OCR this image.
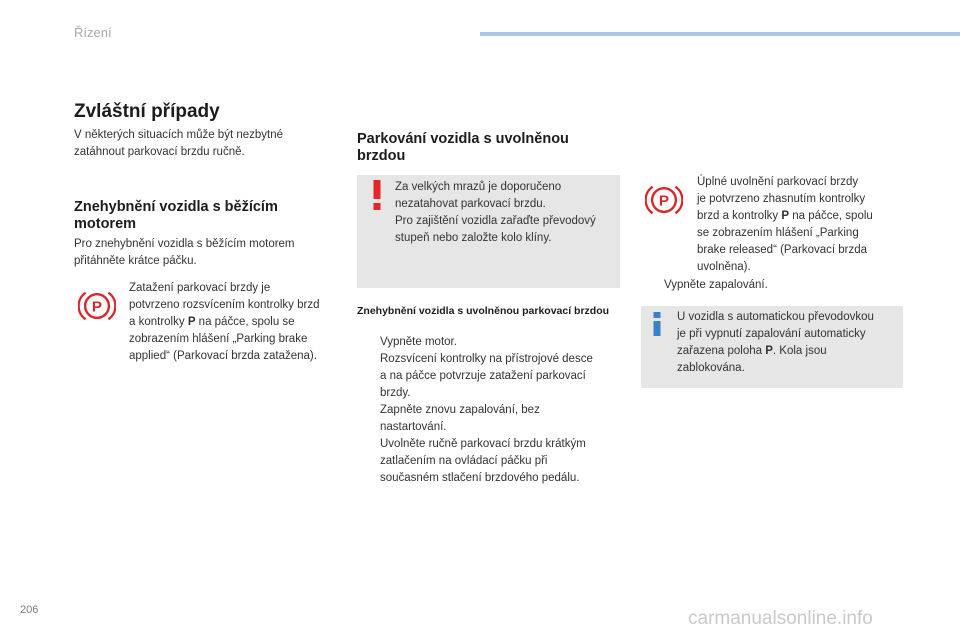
Řízení
Zvláštní případy
V některých situacích může být nezbytné
zatáhnout parkovací brzdu ručně.
Znehybnění vozidla s běžícím
motorem
Pro znehybnění vozidla s běžícím motorem
přitáhněte krátce páčku.
P
Zatažení parkovací brzdy je
potvrzeno rozsvícením kontrolky brzd
a kontrolky P na páčce, spolu se
zobrazením hlášení „Parking brake
applied“ (Parkovací brzda zatažena).
Parkování vozidla s uvolněnou
brzdou
Za velkých mrazů je doporučeno
nezatahovat parkovací brzdu.
Pro zajištění vozidla zařaďte převodový
stupeň nebo založte kolo klíny.
Znehybnění vozidla s uvolněnou parkovací brzdou
Vypněte motor.
Rozsvícení kontrolky na přístrojové desce
a na páčce potvrzuje zatažení parkovací
brzdy.
Zapněte znovu zapalování, bez
nastartování.
Uvolněte ručně parkovací brzdu krátkým
zatlačením na ovládací páčku při
současném stlačení brzdového pedálu.
P
Úplné uvolnění parkovací brzdy
je potvrzeno zhasnutím kontrolky
brzd a kontrolky P na páčce, spolu
se zobrazením hlášení „Parking
brake released“ (Parkovací brzda
uvolněna).
Vypněte zapalování.
U vozidla s automatickou převodovkou
je při vypnutí zapalování automaticky
zařazena poloha P. Kola jsou
zablokována.
206	carmanualsonline.info
